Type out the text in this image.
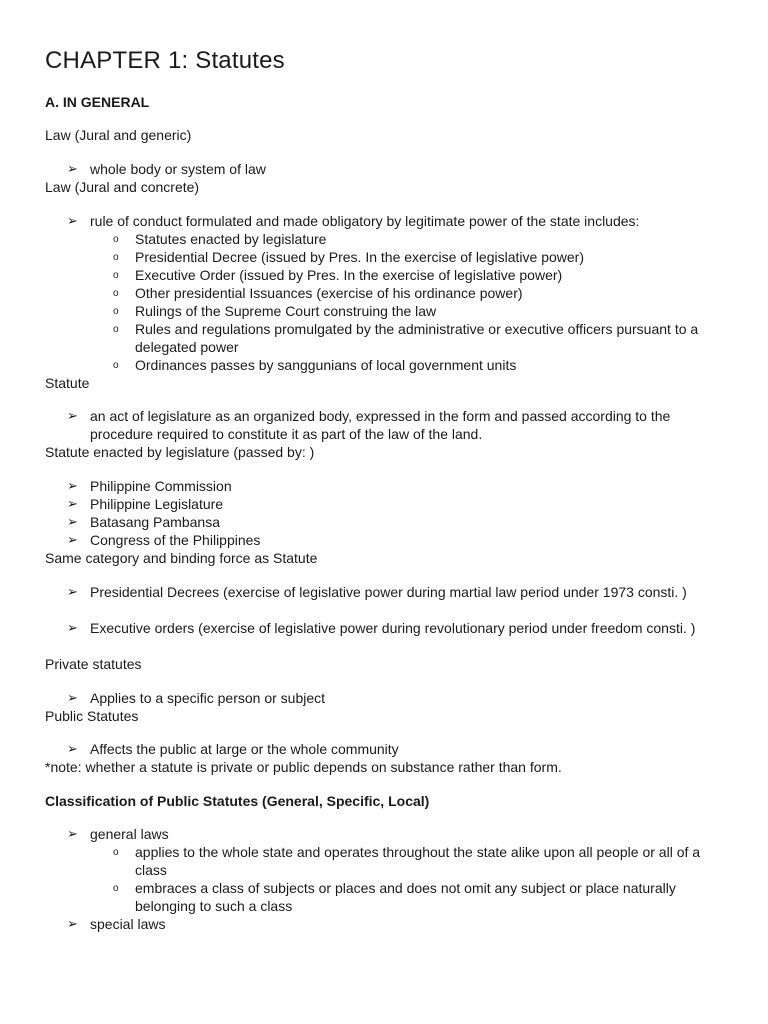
CHAPTER 1: Statutes
A. IN GENERAL
Law (Jural and generic)
➢ whole body or system of law
Law (Jural and concrete)
➢ rule of conduct formulated and made obligatory by legitimate power of the state includes:
o Statutes enacted by legislature
o Presidential Decree (issued by Pres. In the exercise of legislative power)
o Executive Order (issued by Pres. In the exercise of legislative power)
o Other presidential Issuances (exercise of his ordinance power)
o Rulings of the Supreme Court construing the law
o Rules and regulations promulgated by the administrative or executive officers pursuant to a delegated power
o Ordinances passes by sanggunians of local government units
Statute
➢ an act of legislature as an organized body, expressed in the form and passed according to the procedure required to constitute it as part of the law of the land.
Statute enacted by legislature (passed by: )
➢ Philippine Commission
➢ Philippine Legislature
➢ Batasang Pambansa
➢ Congress of the Philippines
Same category and binding force as Statute
➢ Presidential Decrees (exercise of legislative power during martial law period under 1973 consti. )
➢ Executive orders (exercise of legislative power during revolutionary period under freedom consti. )
Private statutes
➢ Applies to a specific person or subject
Public Statutes
➢ Affects the public at large or the whole community
*note: whether a statute is private or public depends on substance rather than form.
Classification of Public Statutes (General, Specific, Local)
➢ general laws
o applies to the whole state and operates throughout the state alike upon all people or all of a class
o embraces a class of subjects or places and does not omit any subject or place naturally belonging to such a class
➢ special laws
